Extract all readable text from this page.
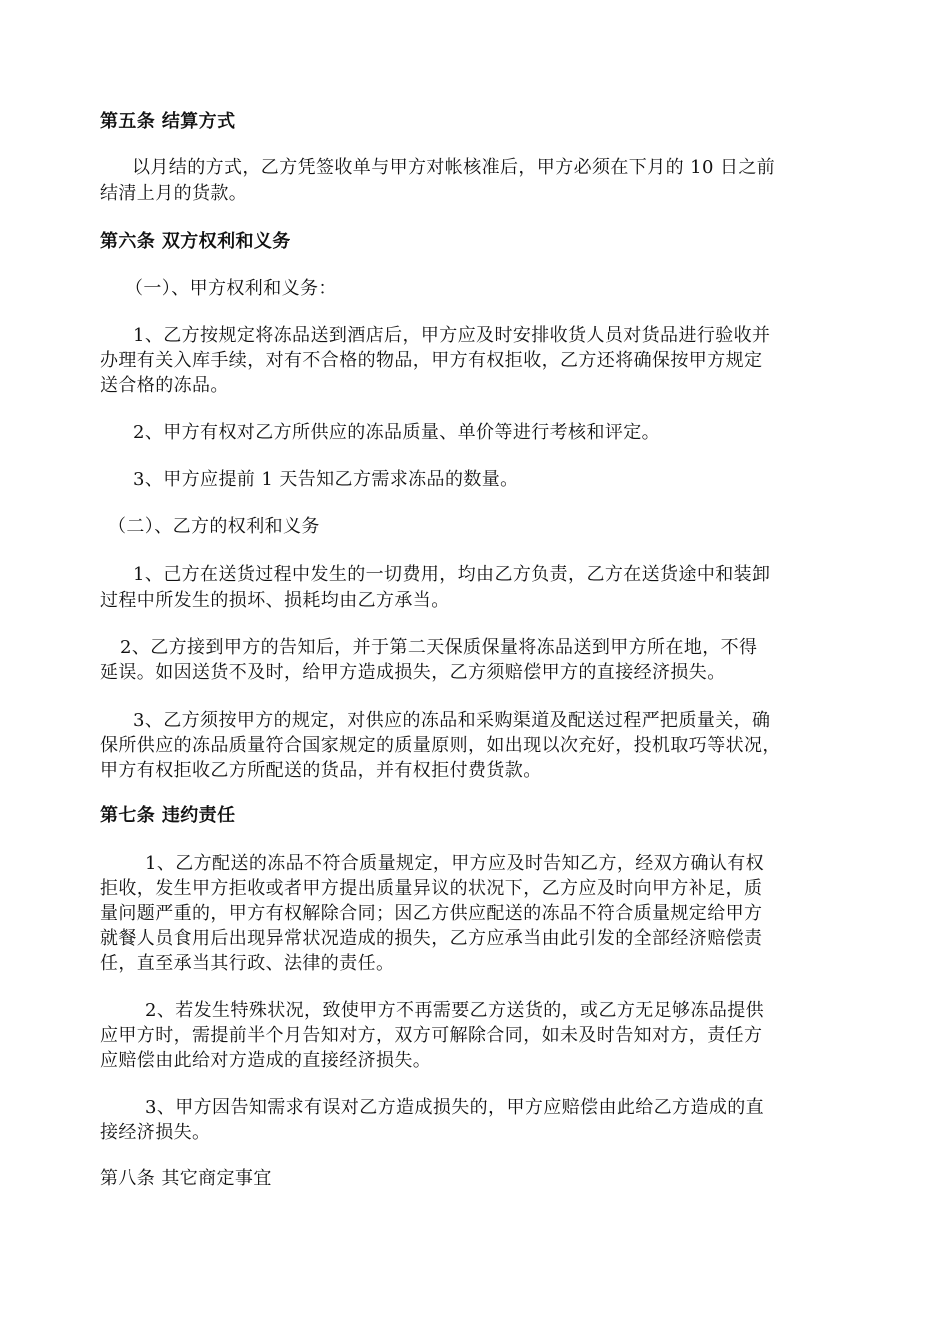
第五条 结算方式
以月结的方式，乙方凭签收单与甲方对帐核准后，甲方必须在下月的 10 日之前
结清上月的货款。
第六条 双方权利和义务
（一）、甲方权利和义务：
1、乙方按规定将冻品送到酒店后，甲方应及时安排收货人员对货品进行验收并
办理有关入库手续，对有不合格的物品，甲方有权拒收，乙方还将确保按甲方规定
送合格的冻品。
2、甲方有权对乙方所供应的冻品质量、单价等进行考核和评定。
3、甲方应提前 1 天告知乙方需求冻品的数量。
（二）、乙方的权利和义务
1、己方在送货过程中发生的一切费用，均由乙方负责，乙方在送货途中和装卸
过程中所发生的损坏、损耗均由乙方承当。
2、乙方接到甲方的告知后，并于第二天保质保量将冻品送到甲方所在地，不得
延误。如因送货不及时，给甲方造成损失，乙方须赔偿甲方的直接经济损失。
3、乙方须按甲方的规定，对供应的冻品和采购渠道及配送过程严把质量关，确
保所供应的冻品质量符合国家规定的质量原则，如出现以次充好，投机取巧等状况，
甲方有权拒收乙方所配送的货品，并有权拒付费货款。
第七条 违约责任
1、乙方配送的冻品不符合质量规定，甲方应及时告知乙方，经双方确认有权
拒收，发生甲方拒收或者甲方提出质量异议的状况下，乙方应及时向甲方补足，质
量问题严重的，甲方有权解除合同；因乙方供应配送的冻品不符合质量规定给甲方
就餐人员食用后出现异常状况造成的损失，乙方应承当由此引发的全部经济赔偿责
任，直至承当其行政、法律的责任。
2、若发生特殊状况，致使甲方不再需要乙方送货的，或乙方无足够冻品提供
应甲方时，需提前半个月告知对方，双方可解除合同，如未及时告知对方，责任方
应赔偿由此给对方造成的直接经济损失。
3、甲方因告知需求有误对乙方造成损失的，甲方应赔偿由此给乙方造成的直
接经济损失。
第八条 其它商定事宜
